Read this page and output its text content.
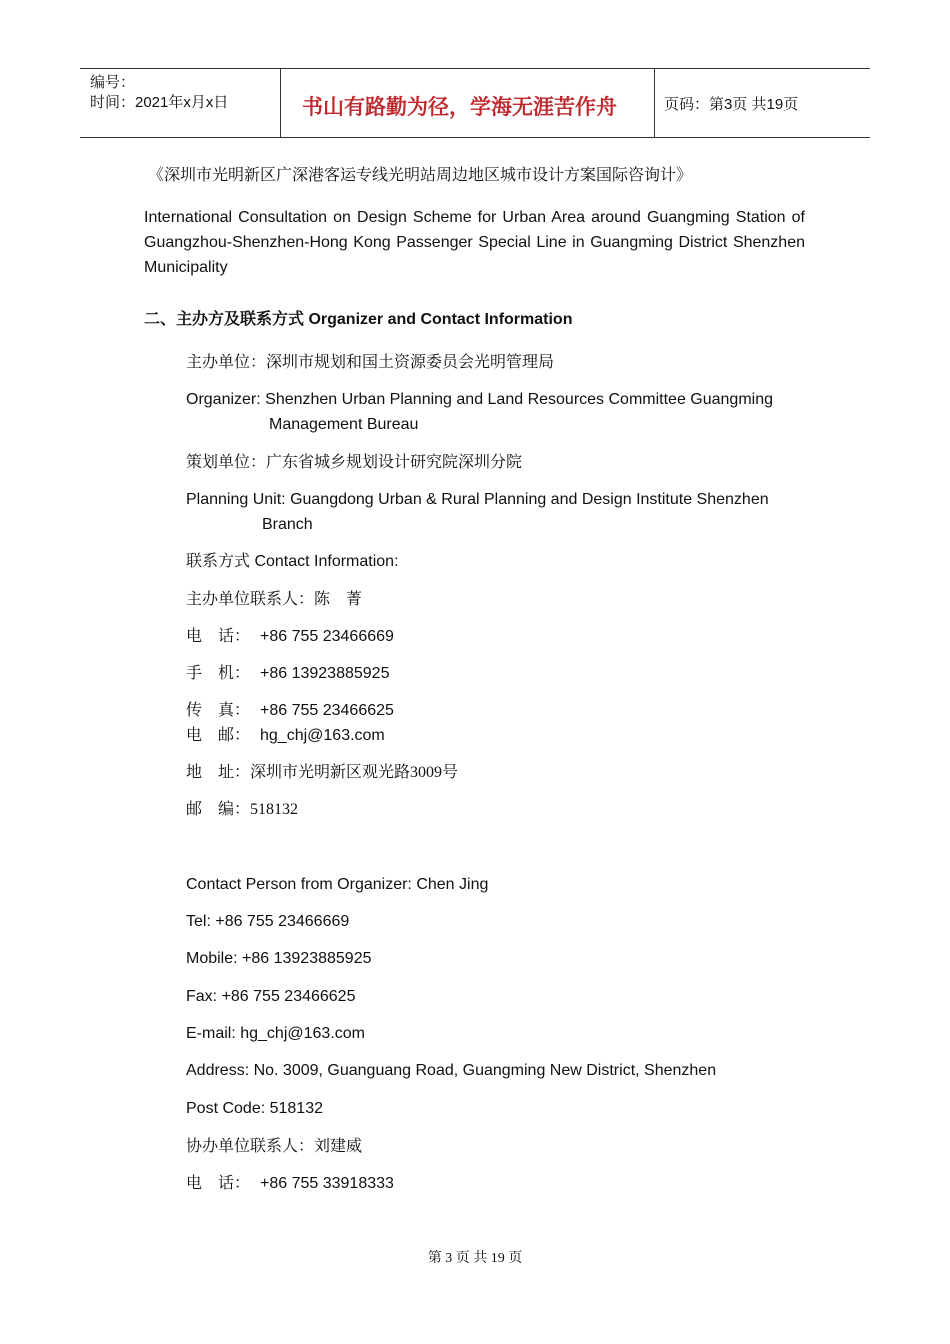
编号：
时间：2021年x月x日	书山有路勤为径，学海无涯苦作舟	页码：第3页 共19页
《深圳市光明新区广深港客运专线光明站周边地区城市设计方案国际咨询计》
International Consultation on Design Scheme for Urban Area around Guangming Station of Guangzhou-Shenzhen-Hong Kong Passenger Special Line in Guangming District Shenzhen Municipality
二、主办方及联系方式 Organizer and Contact Information
主办单位：深圳市规划和国土资源委员会光明管理局
Organizer: Shenzhen Urban Planning and Land Resources Committee Guangming
Management Bureau
策划单位：广东省城乡规划设计研究院深圳分院
Planning Unit: Guangdong Urban & Rural Planning and Design Institute Shenzhen
Branch
联系方式 Contact Information:
主办单位联系人：陈　菁
电　话： +86 755 23466669
手　机： +86 13923885925
传　真： +86 755 23466625
电　邮： hg_chj@163.com
地　址：深圳市光明新区观光路3009号
邮　编：518132
Contact Person from Organizer: Chen Jing
Tel: +86 755 23466669
Mobile: +86 13923885925
Fax: +86 755 23466625
E-mail: hg_chj@163.com
Address: No. 3009, Guanguang Road, Guangming New District, Shenzhen
Post Code: 518132
协办单位联系人：刘建威
电　话： +86 755 33918333
第 3 页 共 19 页
